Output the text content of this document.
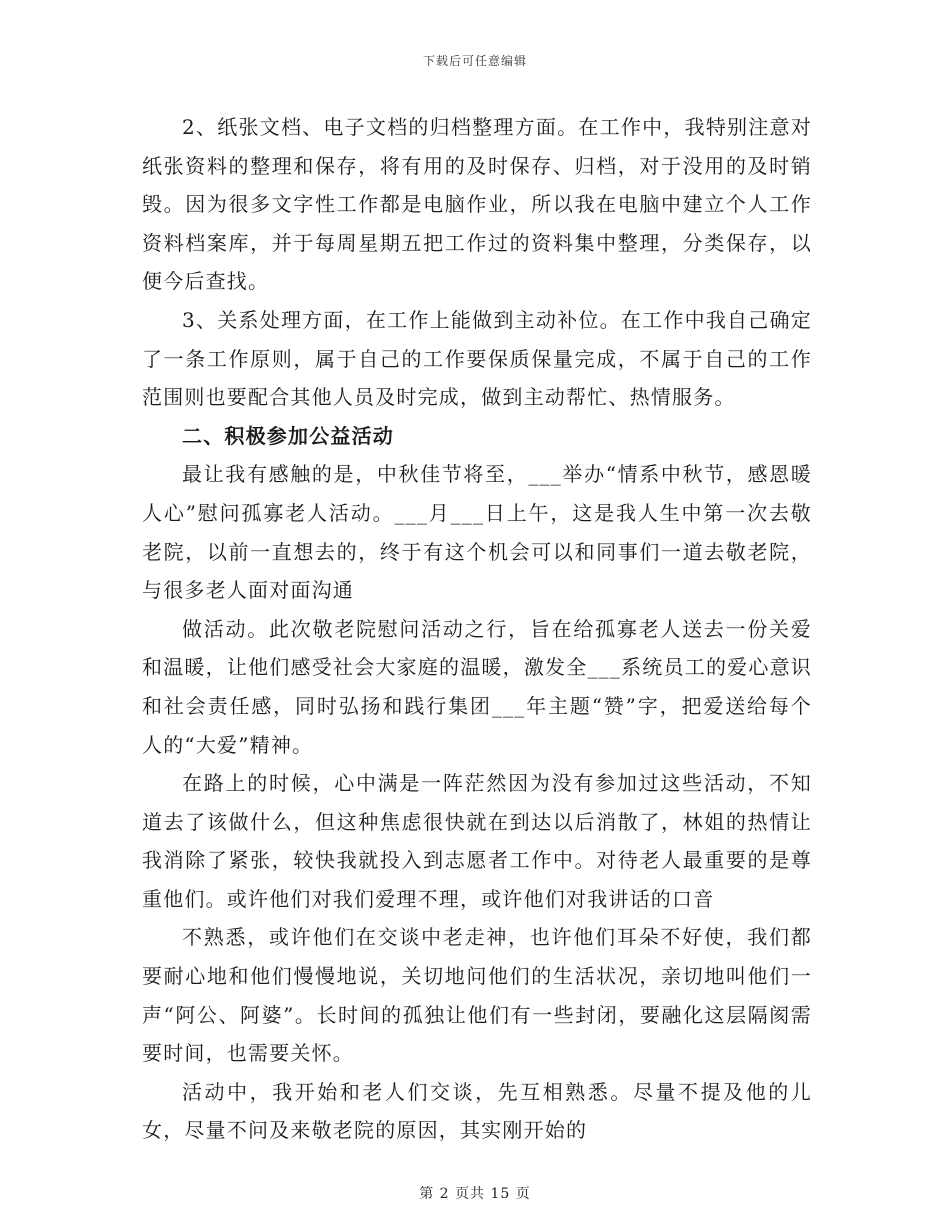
下载后可任意编辑

2、纸张文档、电子文档的归档整理方面。在工作中，我特别注意对纸张资料的整理和保存，将有用的及时保存、归档，对于没用的及时销毁。因为很多文字性工作都是电脑作业，所以我在电脑中建立个人工作资料档案库，并于每周星期五把工作过的资料集中整理，分类保存，以便今后查找。

3、关系处理方面，在工作上能做到主动补位。在工作中我自己确定了一条工作原则，属于自己的工作要保质保量完成，不属于自己的工作范围则也要配合其他人员及时完成，做到主动帮忙、热情服务。

二、积极参加公益活动

最让我有感触的是，中秋佳节将至，___举办“情系中秋节，感恩暖人心”慰问孤寡老人活动。___月___日上午，这是我人生中第一次去敬老院，以前一直想去的，终于有这个机会可以和同事们一道去敬老院，与很多老人面对面沟通

做活动。此次敬老院慰问活动之行，旨在给孤寡老人送去一份关爱和温暖，让他们感受社会大家庭的温暖，激发全___系统员工的爱心意识和社会责任感，同时弘扬和践行集团___年主题“赞”字，把爱送给每个人的“大爱”精神。

在路上的时候，心中满是一阵茫然因为没有参加过这些活动，不知道去了该做什么，但这种焦虑很快就在到达以后消散了，林姐的热情让我消除了紧张，较快我就投入到志愿者工作中。对待老人最重要的是尊重他们。或许他们对我们爱理不理，或许他们对我讲话的口音

不熟悉，或许他们在交谈中老走神，也许他们耳朵不好使，我们都要耐心地和他们慢慢地说，关切地问他们的生活状况，亲切地叫他们一声“阿公、阿婆”。长时间的孤独让他们有一些封闭，要融化这层隔阂需要时间，也需要关怀。

活动中，我开始和老人们交谈，先互相熟悉。尽量不提及他的儿女，尽量不问及来敬老院的原因，其实刚开始的

第 2 页共 15 页
